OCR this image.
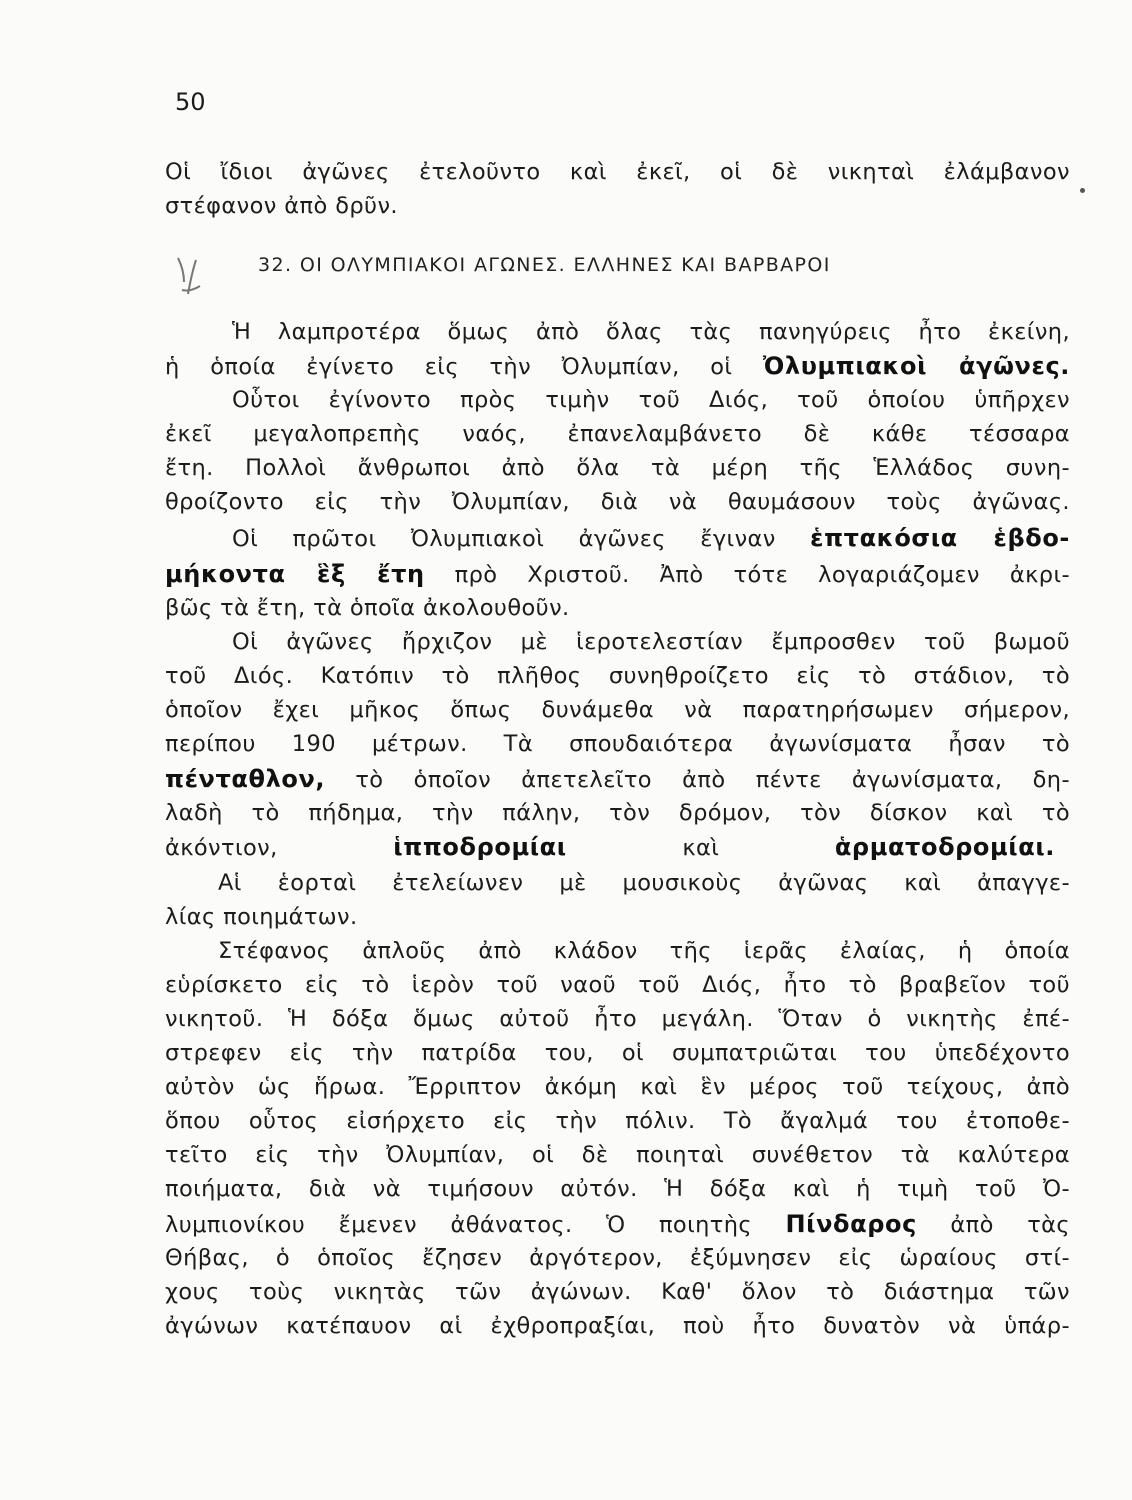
50
Οἱ ἴδιοι ἀγῶνες ἐτελοῦντο καὶ ἐκεῖ, οἱ δὲ νικηταὶ ἐλάμβανον
στέφανον ἀπὸ δρῦν.
32. ΟΙ ΟΛΥΜΠΙΑΚΟΙ ΑΓΩΝΕΣ. ΕΛΛΗΝΕΣ ΚΑΙ ΒΑΡΒΑΡΟΙ
Ἡ λαμπροτέρα ὅμως ἀπὸ ὅλας τὰς πανηγύρεις ἦτο ἐκείνη,
ἡ ὁποία ἐγίνετο εἰς τὴν Ὀλυμπίαν, οἱ Ὀλυμπιακοὶ ἀγῶνες.
Οὗτοι ἐγίνοντο πρὸς τιμὴν τοῦ Διός, τοῦ ὁποίου ὑπῆρχεν
ἐκεῖ μεγαλοπρεπὴς ναός, ἐπανελαμβάνετο δὲ κάθε τέσσαρα
ἔτη. Πολλοὶ ἄνθρωποι ἀπὸ ὅλα τὰ μέρη τῆς Ἑλλάδος συνη-
θροίζοντο εἰς τὴν Ὀλυμπίαν, διὰ νὰ θαυμάσουν τοὺς ἀγῶνας.
Οἱ πρῶτοι Ὀλυμπιακοὶ ἀγῶνες ἔγιναν ἑπτακόσια ἑβδο-
μήκοντα ἓξ ἔτη πρὸ Χριστοῦ. Ἀπὸ τότε λογαριάζομεν ἀκρι-
βῶς τὰ ἔτη, τὰ ὁποῖα ἀκολουθοῦν.
Οἱ ἀγῶνες ἤρχιζον μὲ ἱεροτελεστίαν ἔμπροσθεν τοῦ βωμοῦ
τοῦ Διός. Κατόπιν τὸ πλῆθος συνηθροίζετο εἰς τὸ στάδιον, τὸ
ὁποῖον ἔχει μῆκος ὅπως δυνάμεθα νὰ παρατηρήσωμεν σήμερον,
περίπου 190 μέτρων. Τὰ σπουδαιότερα ἀγωνίσματα ἦσαν τὸ
πένταθλον, τὸ ὁποῖον ἀπετελεῖτο ἀπὸ πέντε ἀγωνίσματα, δη-
λαδὴ τὸ πήδημα, τὴν πάλην, τὸν δρόμον, τὸν δίσκον καὶ τὸ
ἀκόντιον,	ἱπποδρομίαι	καὶ	ἁρματοδρομίαι.
Αἱ ἑορταὶ ἐτελείωνεν μὲ μουσικοὺς ἀγῶνας καὶ ἀπαγγε-
λίας ποιημάτων.
Στέφανος ἁπλοῦς ἀπὸ κλάδον τῆς ἱερᾶς ἐλαίας, ἡ ὁποία
εὑρίσκετο εἰς τὸ ἱερὸν τοῦ ναοῦ τοῦ Διός, ἦτο τὸ βραβεῖον τοῦ
νικητοῦ. Ἡ δόξα ὅμως αὐτοῦ ἦτο μεγάλη. Ὅταν ὁ νικητὴς ἐπέ-
στρεφεν εἰς τὴν πατρίδα του, οἱ συμπατριῶται του ὑπεδέχοντο
αὐτὸν ὡς ἥρωα. Ἔρριπτον ἀκόμη καὶ ἓν μέρος τοῦ τείχους, ἀπὸ
ὅπου οὗτος εἰσήρχετο εἰς τὴν πόλιν. Τὸ ἄγαλμά του ἐτοποθε-
τεῖτο εἰς τὴν Ὀλυμπίαν, οἱ δὲ ποιηταὶ συνέθετον τὰ καλύτερα
ποιήματα, διὰ νὰ τιμήσουν αὐτόν. Ἡ δόξα καὶ ἡ τιμὴ τοῦ Ὀ-
λυμπιονίκου ἔμενεν ἀθάνατος. Ὁ ποιητὴς Πίνδαρος ἀπὸ τὰς
Θήβας, ὁ ὁποῖος ἔζησεν ἀργότερον, ἐξύμνησεν εἰς ὡραίους στί-
χους τοὺς νικητὰς τῶν ἀγώνων. Καθ' ὅλον τὸ διάστημα τῶν
ἀγώνων κατέπαυον αἱ ἐχθροπραξίαι, ποὺ ἦτο δυνατὸν νὰ ὑπάρ-
